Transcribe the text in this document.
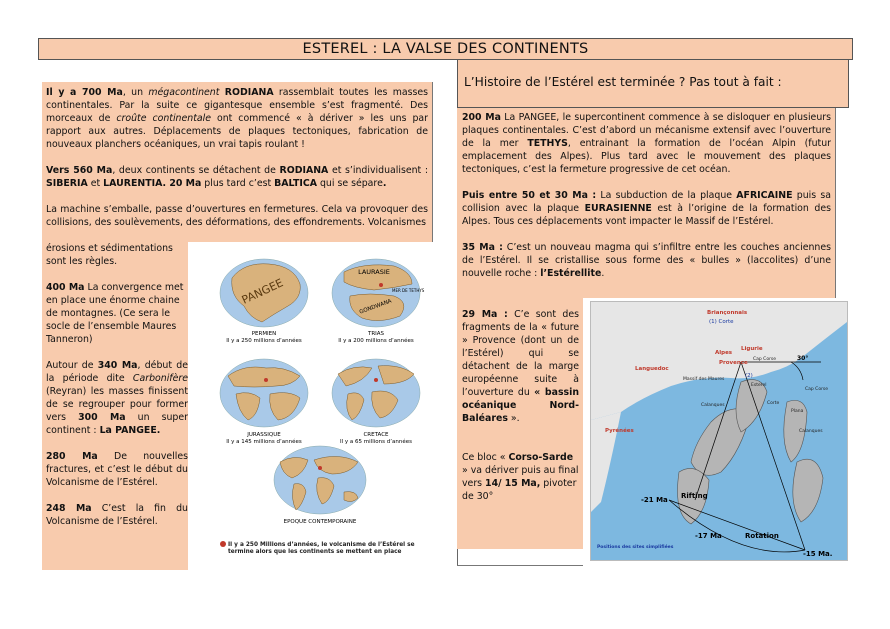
ESTEREL : LA VALSE DES CONTINENTS
L’Histoire de l’Estérel est terminée ? Pas tout à fait :

Il y a 700 Ma, un mégacontinent RODIANA rassemblait toutes les masses continentales. Par la suite ce gigantesque ensemble s’est fragmenté. Des morceaux de croûte continentale ont commencé « à dériver » les uns par rapport aux autres. Déplacements de plaques tectoniques, fabrication de nouveaux planchers océaniques, un vrai tapis roulant !

Vers 560 Ma, deux continents se détachent de RODIANA et s’individualisent : SIBERIA et LAURENTIA. 20 Ma plus tard c’est BALTICA qui se sépare.

La machine s’emballe, passe d’ouvertures en fermetures. Cela va provoquer des collisions, des soulèvements, des déformations, des effondrements. Volcanismes

érosions et sédimentations
sont les règles.

400 Ma La convergence met en place une énorme chaine de montagnes. (Ce sera le socle de l’ensemble Maures Tanneron)

Autour de 340 Ma, début de la période dite Carbonifère (Reyran) les masses finissent de se regrouper pour former vers 300 Ma un super continent : La PANGEE.

280 Ma De nouvelles fractures, et c’est le début du Volcanisme de l’Estérel.

248 Ma C’est la fin du Volcanisme de l’Estérel.

PANGEE
PERMIEN
Il y a 250 millions d’années
LAURASIE
MER DE TETHYS
GONDWANA
TRIAS
Il y a 200 millions d’années
JURASSIQUE
Il y a 145 millions d’années
CRETACE
Il y a 65 millions d’années
EPOQUE CONTEMPORAINE
Il y a 250 Millions d’années, le volcanisme de l’Estérel se
termine alors que les continents se mettent en place

200 Ma La PANGEE, le supercontinent commence à se disloquer en plusieurs plaques continentales. C’est d’abord un mécanisme extensif avec l’ouverture de la mer TETHYS, entrainant la formation de l’océan Alpin (futur emplacement des Alpes). Plus tard avec le mouvement des plaques tectoniques, c’est la fermeture progressive de cet océan.

Puis entre 50 et 30 Ma : La subduction de la plaque AFRICAINE puis sa collision avec la plaque EURASIENNE est à l’origine de la formation des Alpes. Tous ces déplacements vont impacter le Massif de l’Estérel.

35 Ma : C’est un nouveau magma qui s’infiltre entre les couches anciennes de l’Estérel. Il se cristallise sous forme des « bulles » (laccolites) d’une nouvelle roche : l’Estérellite.

29 Ma : C’e sont des fragments de la « future » Provence (dont un de l’Estérel) qui se détachent de la marge européenne suite à l’ouverture du « bassin océanique Nord-Baléares ».

Ce bloc « Corso-Sarde » va dériver puis au final vers 14/ 15 Ma, pivoter de 30°

Briançonnais
(1) Corte
Ligurie
Alpes
Provence
Languedoc
Massif des Maures
(2)
Cap Corse
Cap Corse
30°
Esterel
Corte
Calanques
Calanques
Pyrénées
Plana
-21 Ma Rifting
-17 Ma	Rotation
-15 Ma.
Positions des sites simplifiées
